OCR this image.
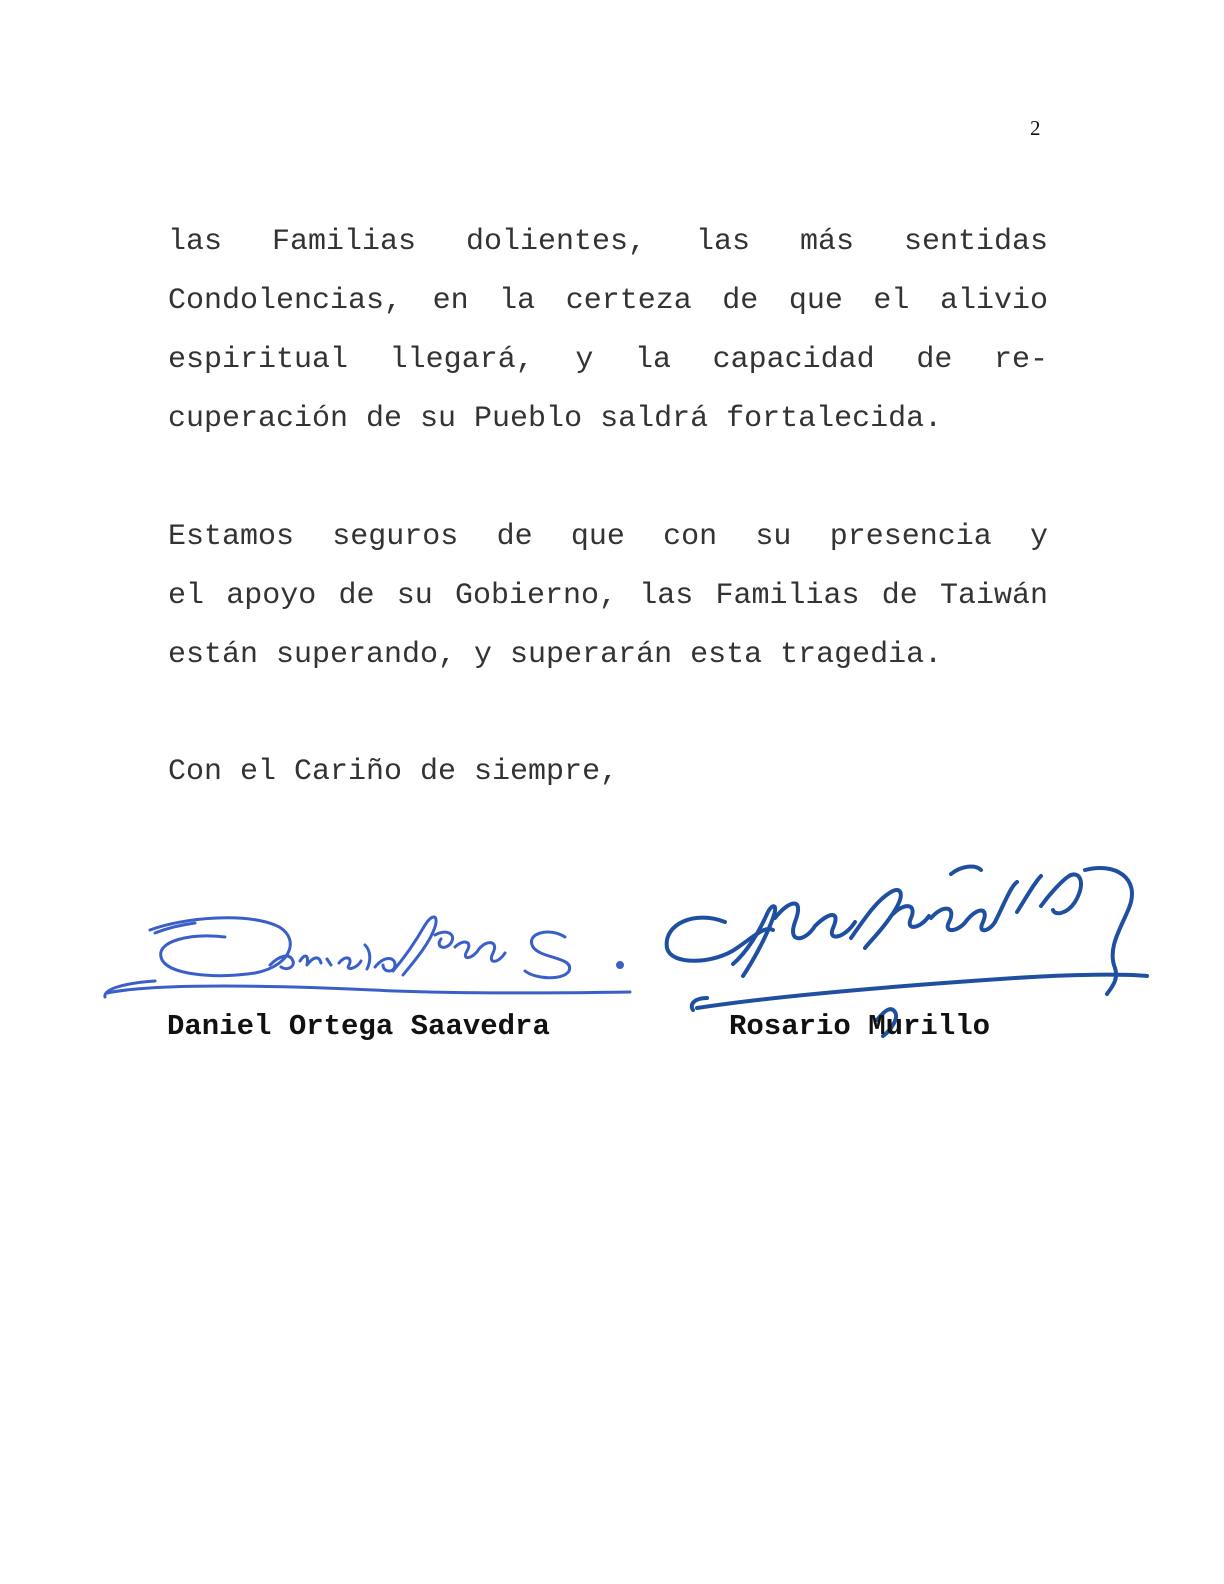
2
las Familias dolientes, las más sentidas
Condolencias, en la certeza de que el alivio
espiritual llegará, y la capacidad de re-
cuperación de su Pueblo saldrá fortalecida.
Estamos seguros de que con su presencia y
el apoyo de su Gobierno, las Familias de Taiwán
están superando, y superarán esta tragedia.
Con el Cariño de siempre,
Daniel Ortega Saavedra	Rosario Murillo
